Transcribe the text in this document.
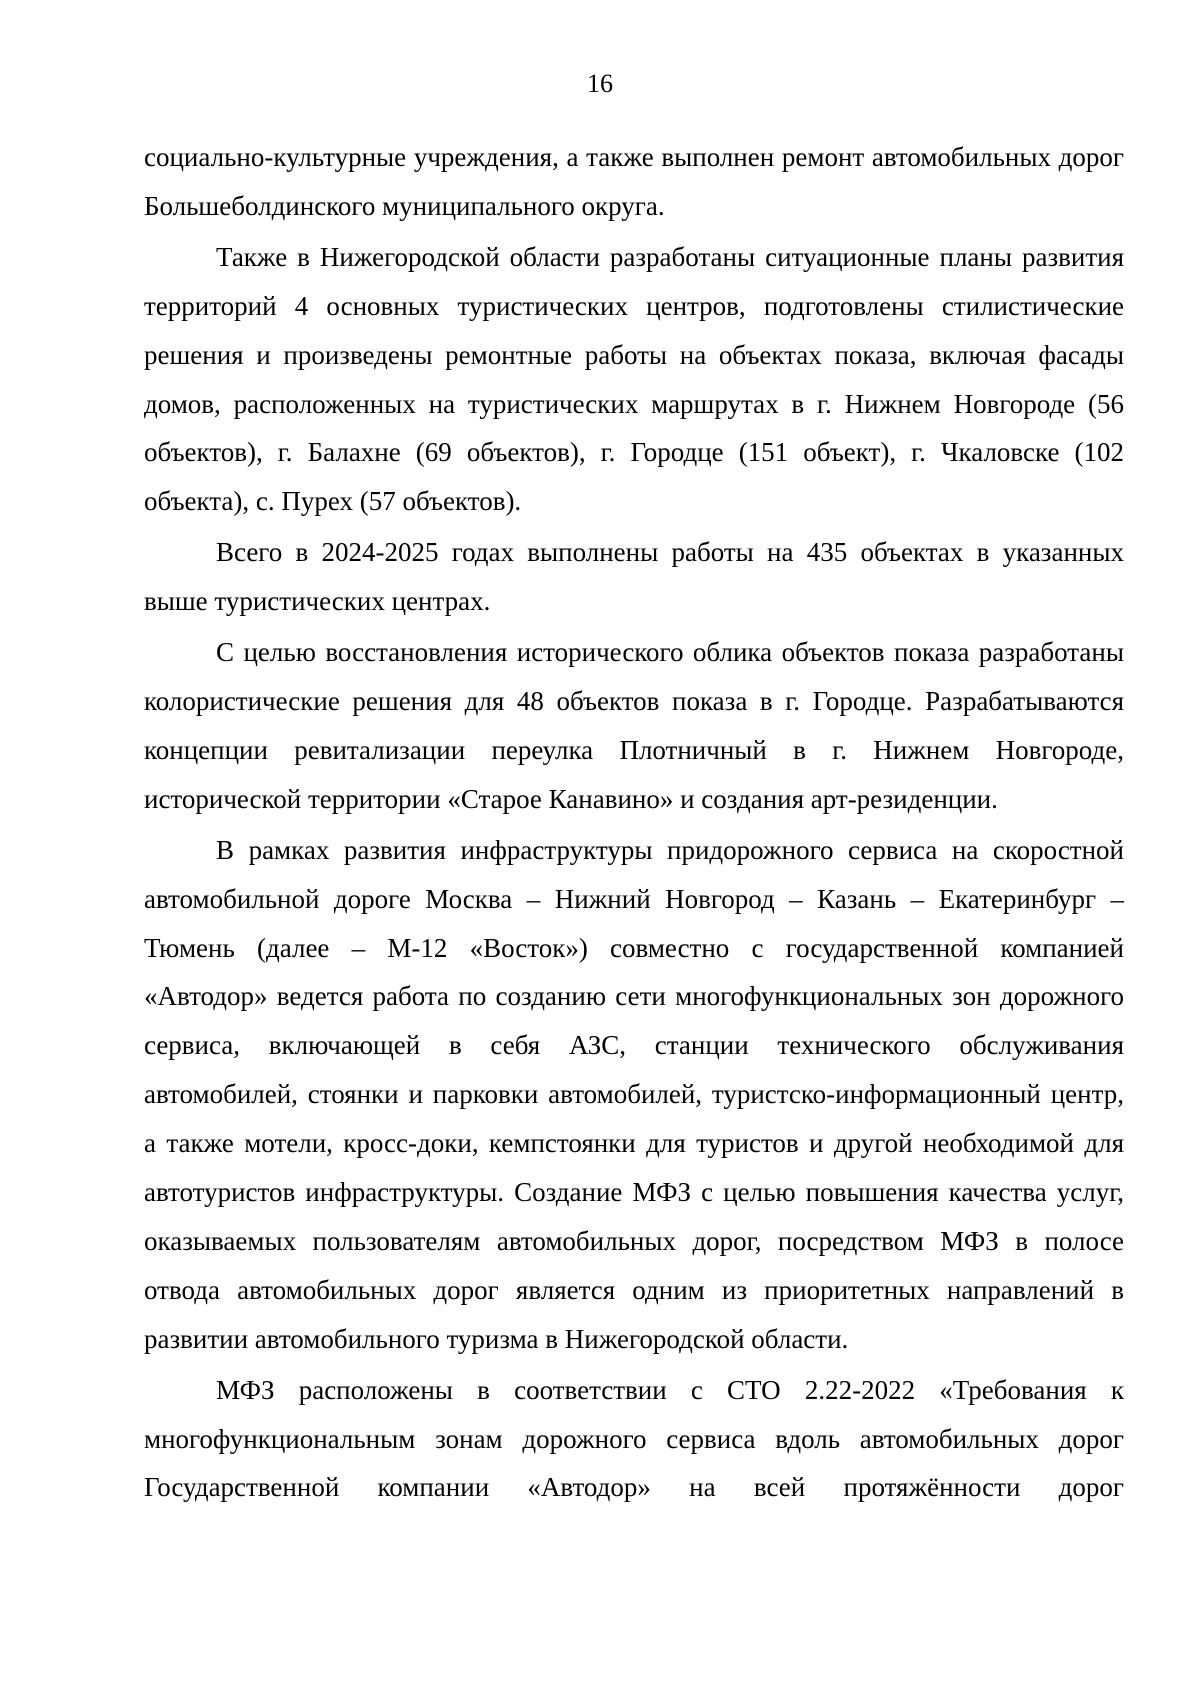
16

социально-культурные учреждения, а также выполнен ремонт автомобильных дорог Большеболдинского муниципального округа.

Также в Нижегородской области разработаны ситуационные планы развития территорий 4 основных туристических центров, подготовлены стилистические решения и произведены ремонтные работы на объектах показа, включая фасады домов, расположенных на туристических маршрутах в г. Нижнем Новгороде (56 объектов), г. Балахне (69 объектов), г. Городце (151 объект), г. Чкаловске (102 объекта), с. Пурех (57 объектов).

Всего в 2024-2025 годах выполнены работы на 435 объектах в указанных выше туристических центрах.

С целью восстановления исторического облика объектов показа разработаны колористические решения для 48 объектов показа в г. Городце. Разрабатываются концепции ревитализации переулка Плотничный в г. Нижнем Новгороде, исторической территории «Старое Канавино» и создания арт-резиденции.

В рамках развития инфраструктуры придорожного сервиса на скоростной автомобильной дороге Москва – Нижний Новгород – Казань – Екатеринбург – Тюмень (далее – М-12 «Восток») совместно с государственной компанией «Автодор» ведется работа по созданию сети многофункциональных зон дорожного сервиса, включающей в себя АЗС, станции технического обслуживания автомобилей, стоянки и парковки автомобилей, туристско-информационный центр, а также мотели, кросс-доки, кемпстоянки для туристов и другой необходимой для автотуристов инфраструктуры. Создание МФЗ с целью повышения качества услуг, оказываемых пользователям автомобильных дорог, посредством МФЗ в полосе отвода автомобильных дорог является одним из приоритетных направлений в развитии автомобильного туризма в Нижегородской области.

МФЗ расположены в соответствии с СТО 2.22-2022 «Требования к многофункциональным зонам дорожного сервиса вдоль автомобильных дорог Государственной компании «Автодор» на всей протяжённости дорог
